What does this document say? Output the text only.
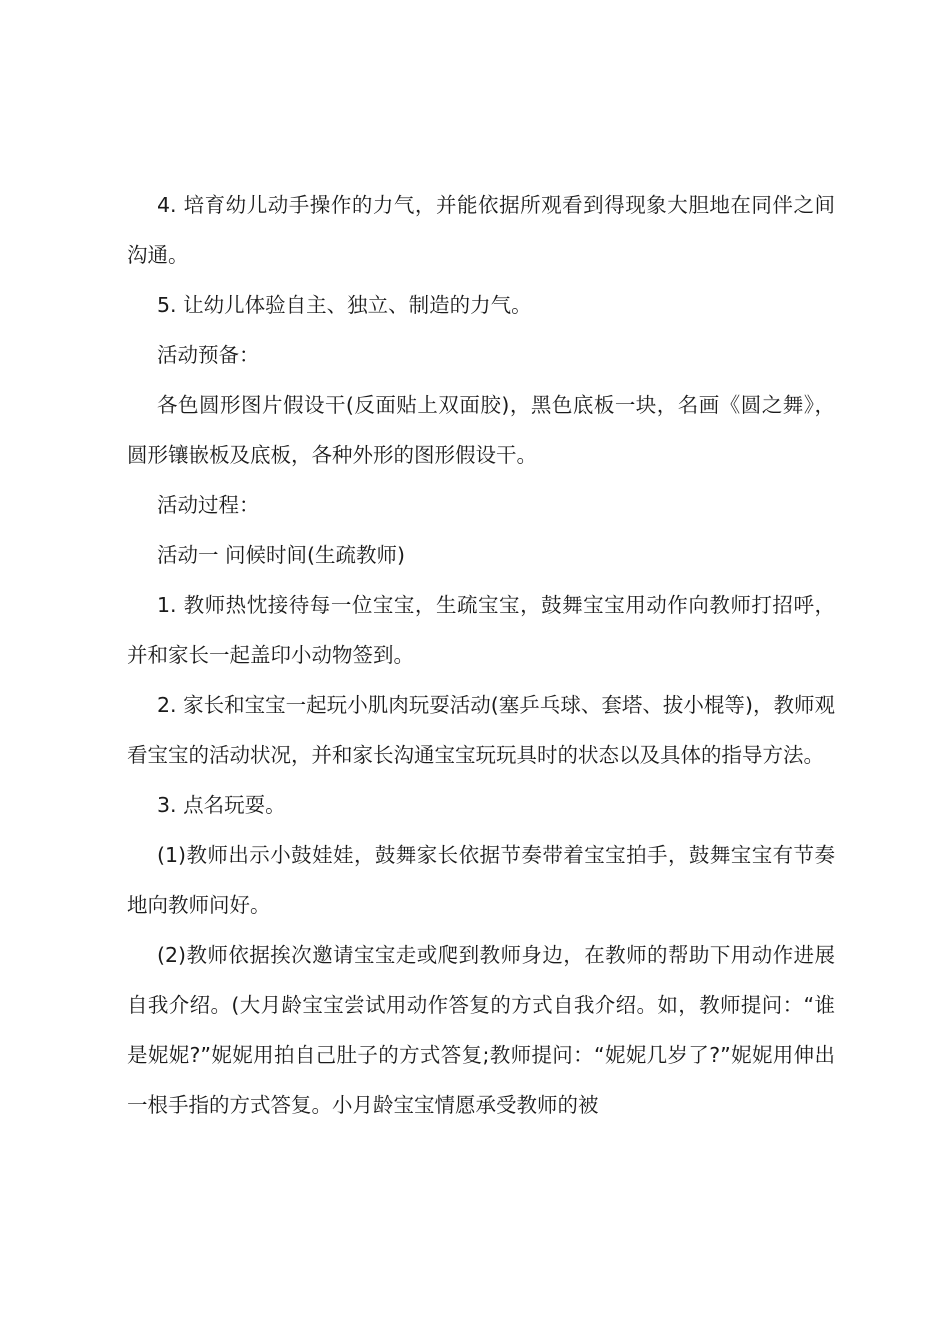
4. 培育幼儿动手操作的力气，并能依据所观看到得现象大胆地在同伴之间沟通。

5. 让幼儿体验自主、独立、制造的力气。

活动预备：

各色圆形图片假设干(反面贴上双面胶)，黑色底板一块，名画《圆之舞》，圆形镶嵌板及底板，各种外形的图形假设干。

活动过程：

活动一 问候时间(生疏教师)

1. 教师热忱接待每一位宝宝，生疏宝宝，鼓舞宝宝用动作向教师打招呼，并和家长一起盖印小动物签到。

2. 家长和宝宝一起玩小肌肉玩耍活动(塞乒乓球、套塔、拔小棍等)，教师观看宝宝的活动状况，并和家长沟通宝宝玩玩具时的状态以及具体的指导方法。

3. 点名玩耍。

(1)教师出示小鼓娃娃，鼓舞家长依据节奏带着宝宝拍手，鼓舞宝宝有节奏地向教师问好。

(2)教师依据挨次邀请宝宝走或爬到教师身边，在教师的帮助下用动作进展自我介绍。(大月龄宝宝尝试用动作答复的方式自我介绍。如，教师提问：“谁是妮妮?”妮妮用拍自己肚子的方式答复;教师提问：“妮妮几岁了?”妮妮用伸出一根手指的方式答复。小月龄宝宝情愿承受教师的被
